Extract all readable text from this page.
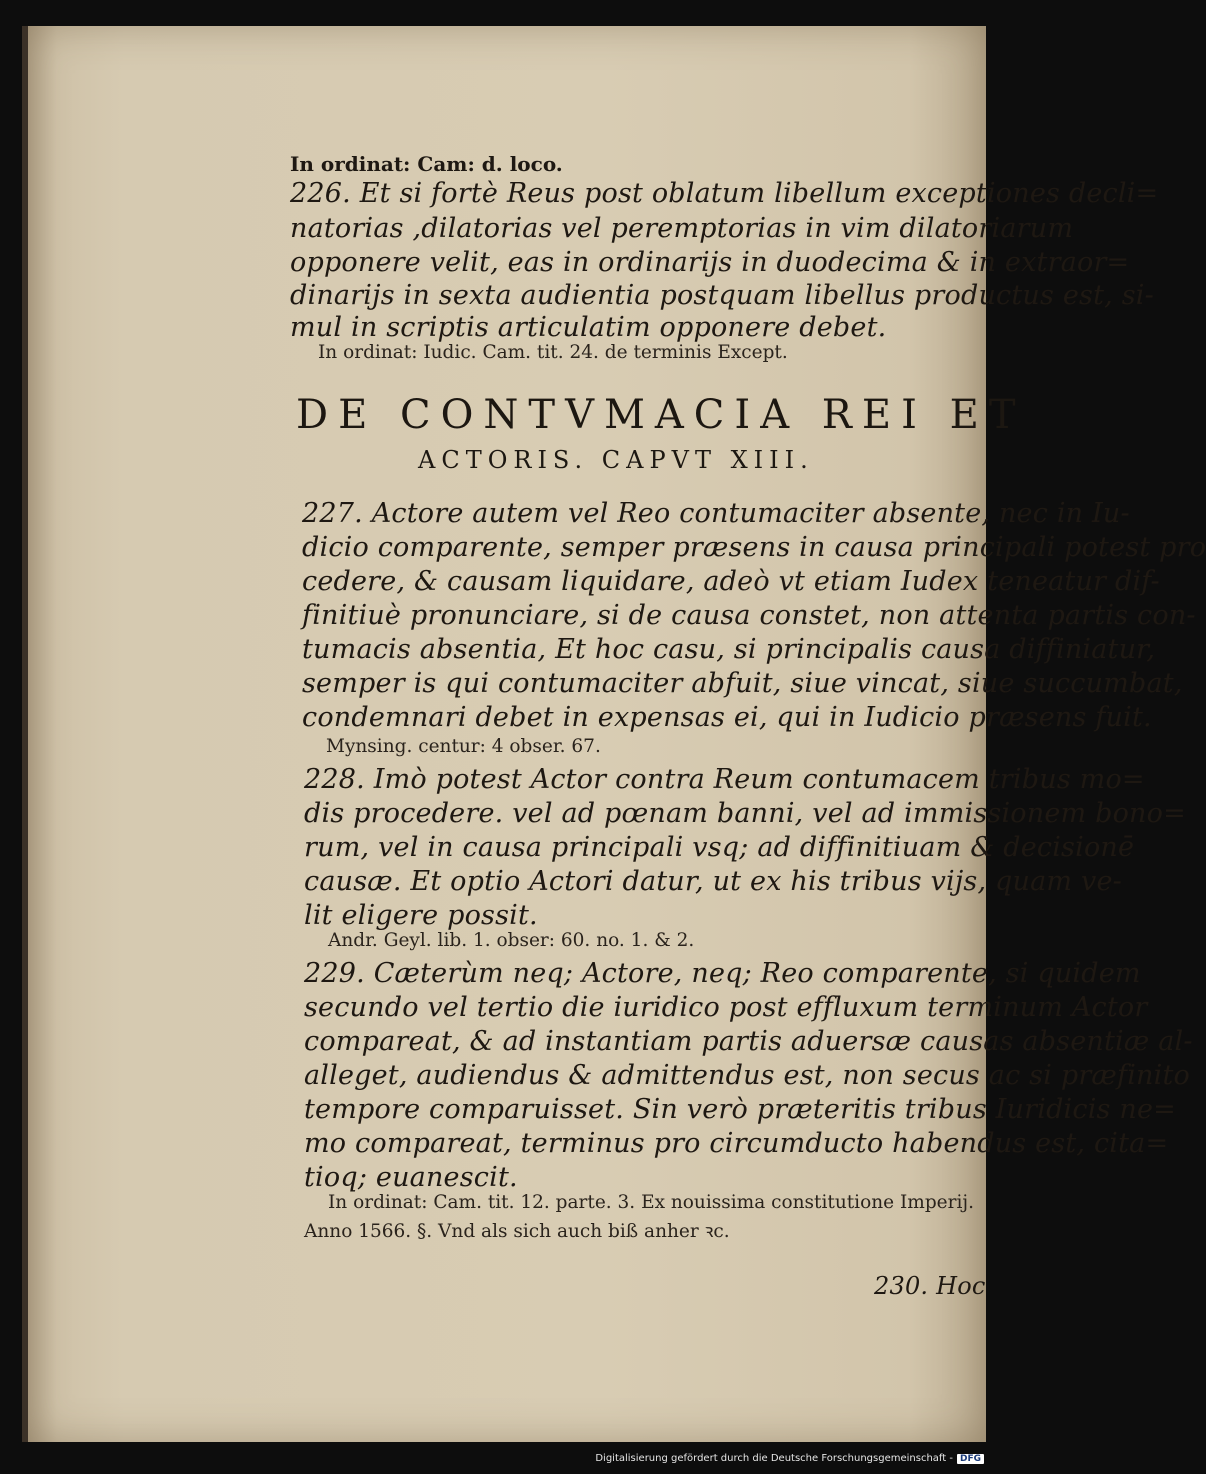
In ordinat: Cam: d. loco.
226. Et si fortè Reus post oblatum libellum exceptiones decli=
natorias ,dilatorias vel peremptorias in vim dilatoriarum
opponere velit, eas in ordinarijs in duodecima & in extraor=
dinarijs in sexta audientia postquam libellus productus est, si-
mul in scriptis articulatim opponere debet.
In ordinat: Iudic. Cam. tit. 24. de terminis Except.
DE CONTVMACIA REI ET
ACTORIS. CAPVT XIII.
227. Actore autem vel Reo contumaciter absente, nec in Iu-
dicio comparente, semper præsens in causa principali potest pro
cedere, & causam liquidare, adeò vt etiam Iudex teneatur dif-
finitiuè pronunciare, si de causa constet, non attenta partis con-
tumacis absentia, Et hoc casu, si principalis causa diffiniatur,
semper is qui contumaciter abfuit, siue vincat, siue succumbat,
condemnari debet in expensas ei, qui in Iudicio præsens fuit.
Mynsing. centur: 4 obser. 67.
228. Imò potest Actor contra Reum contumacem tribus mo=
dis procedere. vel ad pœnam banni, vel ad immissionem bono=
rum, vel in causa principali vsq; ad diffinitiuam & decisionē
causæ. Et optio Actori datur, ut ex his tribus vijs, quam ve-
lit eligere possit.
Andr. Geyl. lib. 1. obser: 60. no. 1. & 2.
229. Cæterùm neq; Actore, neq; Reo comparente, si quidem
secundo vel tertio die iuridico post effluxum terminum Actor
compareat, & ad instantiam partis aduersæ causas absentiæ al-
alleget, audiendus & admittendus est, non secus ac si præfinito
tempore comparuisset. Sin verò præteritis tribus Iuridicis ne=
mo compareat, terminus pro circumducto habendus est, cita=
tioq; euanescit.
In ordinat: Cam. tit. 12. parte. 3. Ex nouissima constitutione Imperij.
Anno 1566. §. Vnd als sich auch biß anher ꝛc.
230. Hoc
Digitalisierung gefördert durch die Deutsche Forschungsgemeinschaft - DFG
